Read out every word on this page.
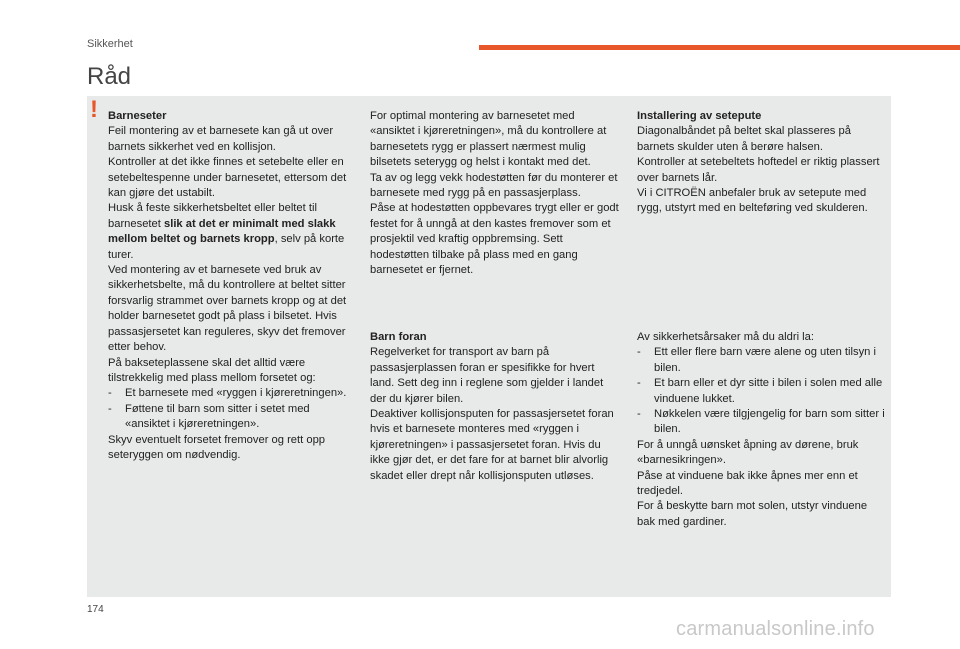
Sikkerhet
Råd
! Barneseter

Feil montering av et barnesete kan gå ut over barnets sikkerhet ved en kollisjon.

Kontroller at det ikke finnes et setebelte eller en setebeltespenne under barnesetet, ettersom det kan gjøre det ustabilt.

Husk å feste sikkerhetsbeltet eller beltet til barnesetet slik at det er minimalt med slakk mellom beltet og barnets kropp, selv på korte turer.

Ved montering av et barnesete ved bruk av sikkerhetsbelte, må du kontrollere at beltet sitter forsvarlig strammet over barnets kropp og at det holder barnesetet godt på plass i bilsetet. Hvis passasjersetet kan reguleres, skyv det fremover etter behov.

På baksetеplassene skal det alltid være tilstrekkelig med plass mellom forsetet og:

- Et barnesete med «ryggen i kjøreretningen».

- Føttene til barn som sitter i setet med «ansiktet i kjøreretningen».

Skyv eventuelt forsetet fremover og rett opp seteryggen om nødvendig.

For optimal montering av barnesetet med «ansiktet i kjøreretningen», må du kontrollere at barnesetets rygg er plassert nærmest mulig bilsetets seterygg og helst i kontakt med det.

Ta av og legg vekk hodestøtten før du monterer et barnesete med rygg på en passasjerplass.

Påse at hodestøtten oppbevares trygt eller er godt festet for å unngå at den kastes fremover som et prosjektil ved kraftig oppbremsing. Sett hodestøtten tilbake på plass med en gang barnesetet er fjernet.

Barn foran

Regelverket for transport av barn på passasjerplassen foran er spesifikke for hvert land. Sett deg inn i reglene som gjelder i landet der du kjører bilen.

Deaktiver kollisjonsputen for passasjersetet foran hvis et barnesete monteres med «ryggen i kjøreretningen» i passasjersetet foran. Hvis du ikke gjør det, er det fare for at barnet blir alvorlig skadet eller drept når kollisjonsputen utløses.

Installering av setepute

Diagonalbåndet på beltet skal plasseres på barnets skulder uten å berøre halsen.

Kontroller at setebeltets hoftedel er riktig plassert over barnets lår.

Vi i CITROËN anbefaler bruk av setepute med rygg, utstyrt med en belteføring ved skulderen.

Av sikkerhetsårsaker må du aldri la:

- Ett eller flere barn være alene og uten tilsyn i bilen.

- Et barn eller et dyr sitte i bilen i solen med alle vinduene lukket.

- Nøkkelen være tilgjengelig for barn som sitter i bilen.

For å unngå uønsket åpning av dørene, bruk «barnesikringen».

Påse at vinduene bak ikke åpnes mer enn et tredjedel.

For å beskytte barn mot solen, utstyr vinduene bak med gardiner.

174
carmanualsonline.info
